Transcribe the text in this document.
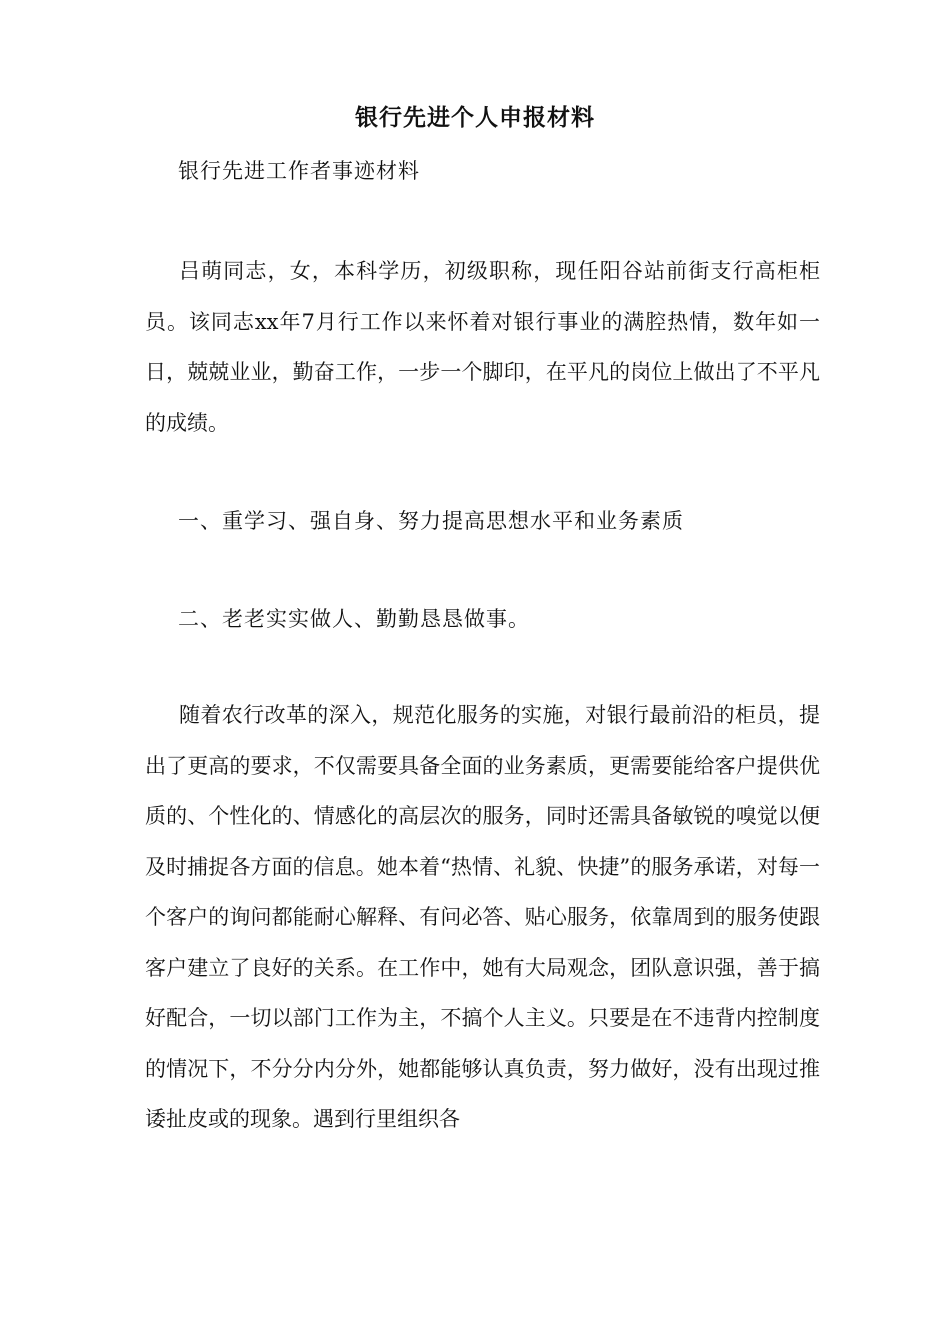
银行先进个人申报材料
银行先进工作者事迹材料

吕萌同志，女，本科学历，初级职称，现任阳谷站前街支行高柜柜员。该同志xx年7月行工作以来怀着对银行事业的满腔热情，数年如一日，兢兢业业，勤奋工作，一步一个脚印，在平凡的岗位上做出了不平凡的成绩。

一、重学习、强自身、努力提高思想水平和业务素质
二、老老实实做人、勤勤恳恳做事。

随着农行改革的深入，规范化服务的实施，对银行最前沿的柜员，提出了更高的要求，不仅需要具备全面的业务素质，更需要能给客户提供优质的、个性化的、情感化的高层次的服务，同时还需具备敏锐的嗅觉以便及时捕捉各方面的信息。她本着“热情、礼貌、快捷”的服务承诺，对每一个客户的询问都能耐心解释、有问必答、贴心服务，依靠周到的服务使跟客户建立了良好的关系。在工作中，她有大局观念，团队意识强，善于搞好配合，一切以部门工作为主，不搞个人主义。只要是在不违背内控制度的情况下，不分分内分外，她都能够认真负责，努力做好，没有出现过推诿扯皮或的现象。遇到行里组织各
